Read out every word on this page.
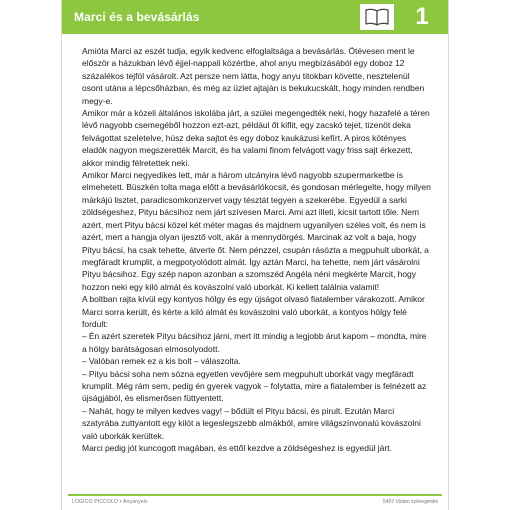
Marci és a bevásárlás	1

Amióta Marci az eszét tudja, egyik kedvenc elfoglaltsága a bevásárlás. Ötévesen ment le először a házukban lévő éjjel-nappali közértbe, ahol anyu megbízásából egy doboz 12 százalékos tejföl vásárolt. Azt persze nem látta, hogy anyu titokban követte, nesztelenül osont utána a lépcsőházban, és még az üzlet ajtaján is bekukucskált, hogy minden rendben megy-e.

Amikor már a közeli általános iskolába járt, a szülei megengedték neki, hogy hazafelé a téren lévő nagyobb csemegéből hozzon ezt-azt, például őt kiflit, egy zacskó tejet, tizenöt deka felvágottat szeletelve, húsz deka sajtot és egy doboz kaukázusi kefírt. A piros kötényes eladók nagyon megszerették Marcit, és ha valami finom felvágott vagy friss sajt érkezett, akkor mindig félretettek neki.

Amikor Marci negyedikes lett, már a három utcányira lévő nagyobb szupermarketbe is elmehetett. Büszkén tolta maga előtt a bevásárlókocsit, és gondosan mérlegelte, hogy milyen márkájú lisztet, paradicsomkonzervet vagy tésztát tegyen a szekerébe. Egyedül a sarki zöldségeshez, Pityu bácsihoz nem járt szívesen Marci. Ami azt illeti, kicsit tartott tőle. Nem azért, mert Pityu bácsi közel két méter magas és majdnem ugyanilyen széles volt, és nem is azért, mert a hangja olyan ijesztő volt, akár a mennydörgés. Marcinak az volt a baja, hogy Pityu bácsi, ha csak tehette, átverte őt. Nem pénzzel, csupán rásózta a megpuhult uborkát, a megfáradt krumplit, a megpotyolódott almát. Így aztán Marci, ha tehette, nem járt vásárolni Pityu bácsihoz. Egy szép napon azonban a szomszéd Angéla néni megkérte Marcit, hogy hozzon neki egy kiló almát és kovászolni való uborkát. Ki kellett találnia valamit!

A boltban rajta kívül egy kontyos hölgy és egy újságot olvasó fiatalember várakozott. Amikor Marci sorra került, és kérte a kiló almát és kovászolni való uborkát, a kontyos hölgy felé fordult:

– Én azért szeretek Pityu bácsihoz járni, mert itt mindig a legjobb árut kapom – mondta, mire a hölgy barátságosan elmosolyodott.

– Valóban remek ez a kis bolt – válaszolta.

– Pityu bácsi soha nem sózna egyetlen vevőjére sem megpuhult uborkát vagy megfáradt krumplit. Még rám sem, pedig én gyerek vagyok – folytatta, mire a fiatalember is felnézett az újságjából, és elismerősen füttyentett.

– Nahát, hogy te milyen kedves vagy! – bődült el Pityu bácsi, és pirult. Ezután Marci szatyrába zuttyantott egy kilót a legeslegszebb almákból, amire világszínvonalú kovászolni való uborkák kerültek.

Marci pedig jót kuncogott magában, és ettől kezdve a zöldségeshez is egyedül járt.

LOGICO PICCOLO • Anyanyelv	5407 Vidám szövegértés
